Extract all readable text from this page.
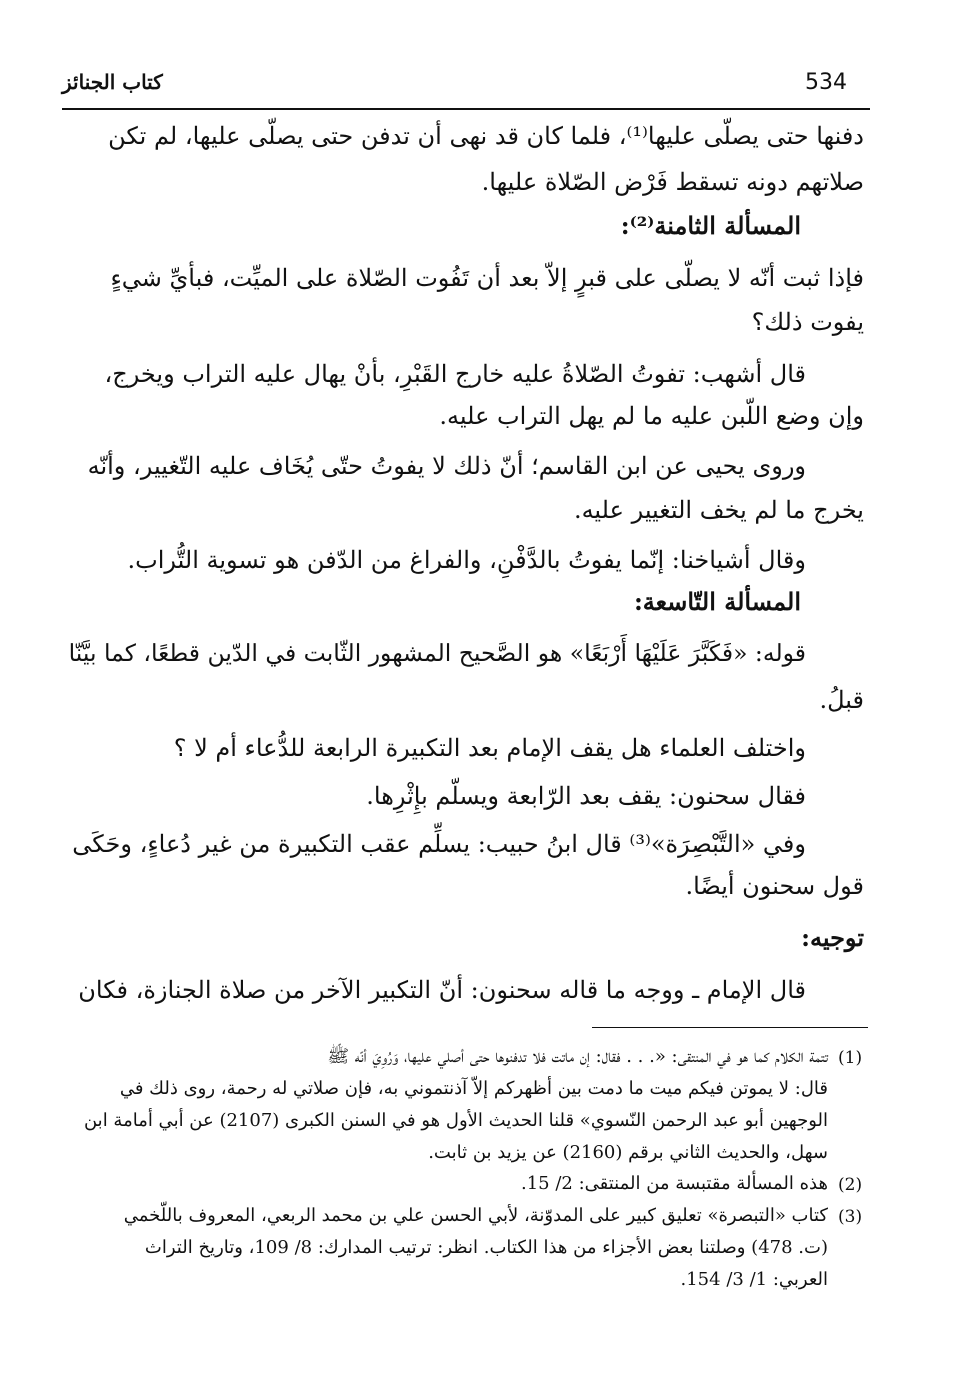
534
كتاب الجنائز
دفنها حتى يصلّى عليها⁽¹⁾، فلما كان قد نهى أن تدفن حتى يصلّى عليها، لم تكن
صلاتهم دونه تسقط فَرْض الصّلاة عليها.
المسألة الثامنة⁽²⁾:
فإذا ثبت أنّه لا يصلّى على قبرٍ إلاّ بعد أن تَفُوت الصّلاة على الميِّت، فبأيِّ شيءٍ
يفوت ذلك؟
قال أشهب: تفوتُ الصّلاةُ عليه خارج القَبْرِ، بأنْ يهال عليه التراب ويخرج،
وإن وضع اللّبن عليه ما لم يهل التراب عليه.
وروى يحيى عن ابن القاسم؛ أنّ ذلك لا يفوتُ حتّى يُخَاف عليه التّغيير، وأنّه
يخرج ما لم يخف التغيير عليه.
وقال أشياخنا: إنّما يفوتُ بالدَّفْنِ، والفراغ من الدّفن هو تسوية التُّراب.
المسألة التّاسعة:
قوله: «فَكَبَّرَ عَلَيْهَا أَرْبَعًا» هو الصَّحيح المشهور الثّابت في الدّين قطعًا، كما بيَّنّا
قبلُ.
واختلف العلماء هل يقف الإمام بعد التكبيرة الرابعة للدُّعاء أم لا ؟
فقال سحنون: يقف بعد الرّابعة ويسلّم بإِثْرِها.
وفي «التَّبْصِرَة»⁽³⁾ قال ابنُ حبيب: يسلِّم عقب التكبيرة من غير دُعاءٍ، وحَكَى
قول سحنون أيضًا.
توجيه:
قال الإمام ـ ووجه ما قاله سحنون: أنّ التكبير الآخر من صلاة الجنازة، فكان
(1)
تتمة الكلام كما هو في المنتقى: «. . . فقال: إن ماتت فلا تدفنوها حتى أصلي عليها، وَرُوِيَ أنّه ﷺ
قال: لا يموتن فيكم ميت ما دمت بين أظهركم إلاّ آذنتموني به، فإن صلاتي له رحمة، روى ذلك في
الوجهين أبو عبد الرحمن النّسوي» قلنا الحديث الأول هو في السنن الكبرى (2107) عن أبي أمامة ابن
سهل، والحديث الثاني برقم (2160) عن يزيد بن ثابت.
(2)
هذه المسألة مقتبسة من المنتقى: 2/ 15.
(3)
كتاب «التبصرة» تعليق كبير على المدوّنة، لأبي الحسن علي بن محمد الربعي، المعروف باللّخمي
(ت. 478) وصلتنا بعض الأجزاء من هذا الكتاب. انظر: ترتيب المدارك: 8/ 109، وتاريخ التراث
العربي: 1/ 3/ 154.
